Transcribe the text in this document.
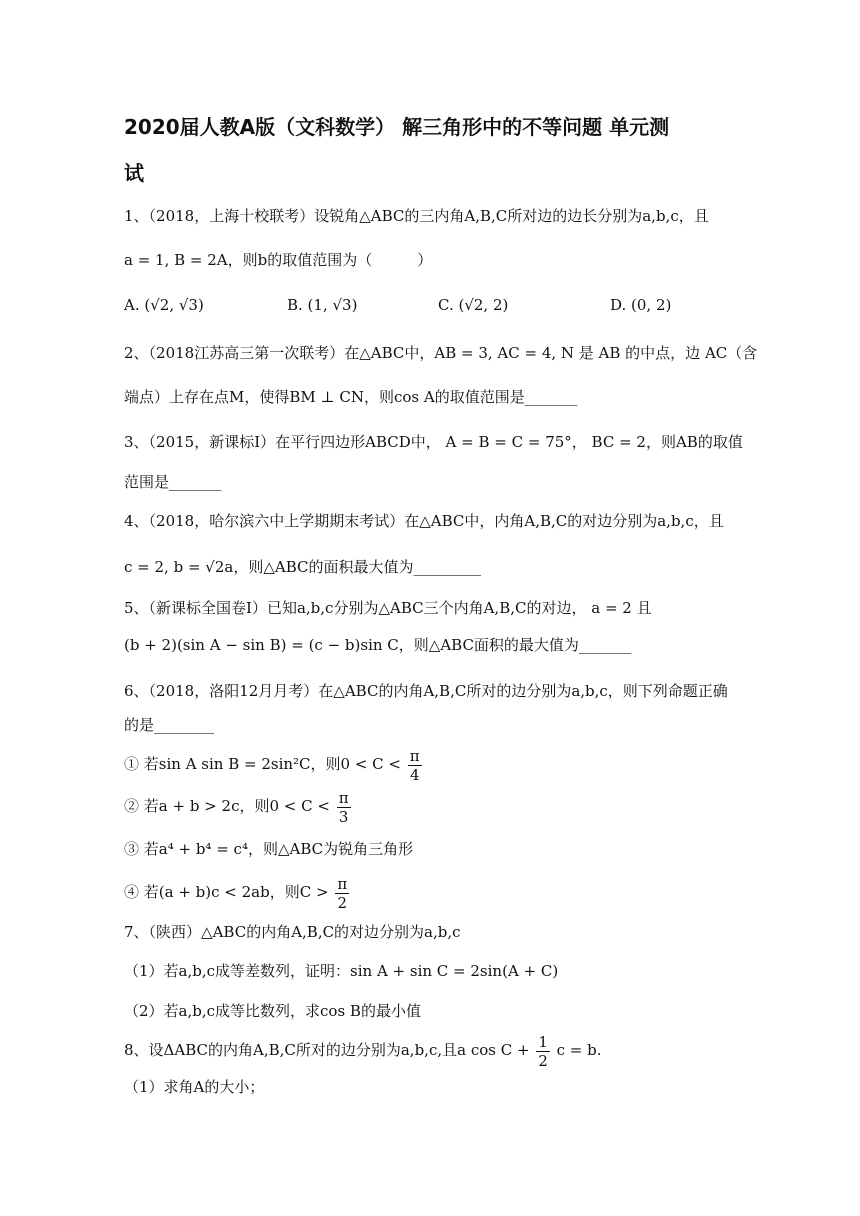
2020届人教A版（文科数学） 解三角形中的不等问题 单元测
试
1、（2018，上海十校联考）设锐角△ABC的三内角A,B,C所对边的边长分别为a,b,c，且
a = 1, B = 2A，则b的取值范围为（　　　）
A. (√2, √3)	B. (1, √3)	C. (√2, 2)	D. (0, 2)
2、（2018江苏高三第一次联考）在△ABC中，AB = 3, AC = 4, N 是 AB 的中点，边 AC（含
端点）上存在点M，使得BM ⊥ CN，则cos A的取值范围是_______
3、（2015，新课标I）在平行四边形ABCD中， A = B = C = 75°， BC = 2，则AB的取值
范围是_______
4、（2018，哈尔滨六中上学期期末考试）在△ABC中，内角A,B,C的对边分别为a,b,c，且
c = 2, b = √2a，则△ABC的面积最大值为_________
5、（新课标全国卷I）已知a,b,c分别为△ABC三个内角A,B,C的对边， a = 2 且
(b + 2)(sin A − sin B) = (c − b)sin C，则△ABC面积的最大值为_______
6、（2018，洛阳12月月考）在△ABC的内角A,B,C所对的边分别为a,b,c，则下列命题正确
的是________
① 若sin A sin B = 2sin²C，则$0 < C < \frac{\pi}{4}$
② 若a + b > 2c，则$0 < C < \frac{\pi}{3}$
③ 若a⁴ + b⁴ = c⁴，则△ABC为锐角三角形
④ 若(a + b)c < 2ab，则$C > \frac{\pi}{2}$
7、（陕西）△ABC的内角A,B,C的对边分别为a,b,c
（1）若a,b,c成等差数列，证明：sin A + sin C = 2sin(A + C)
（2）若a,b,c成等比数列，求cos B的最小值
8、设ΔABC的内角A,B,C所对的边分别为a,b,c,且a $\cos C + \frac{1}{2}$ c = b.
（1）求角A的大小；
